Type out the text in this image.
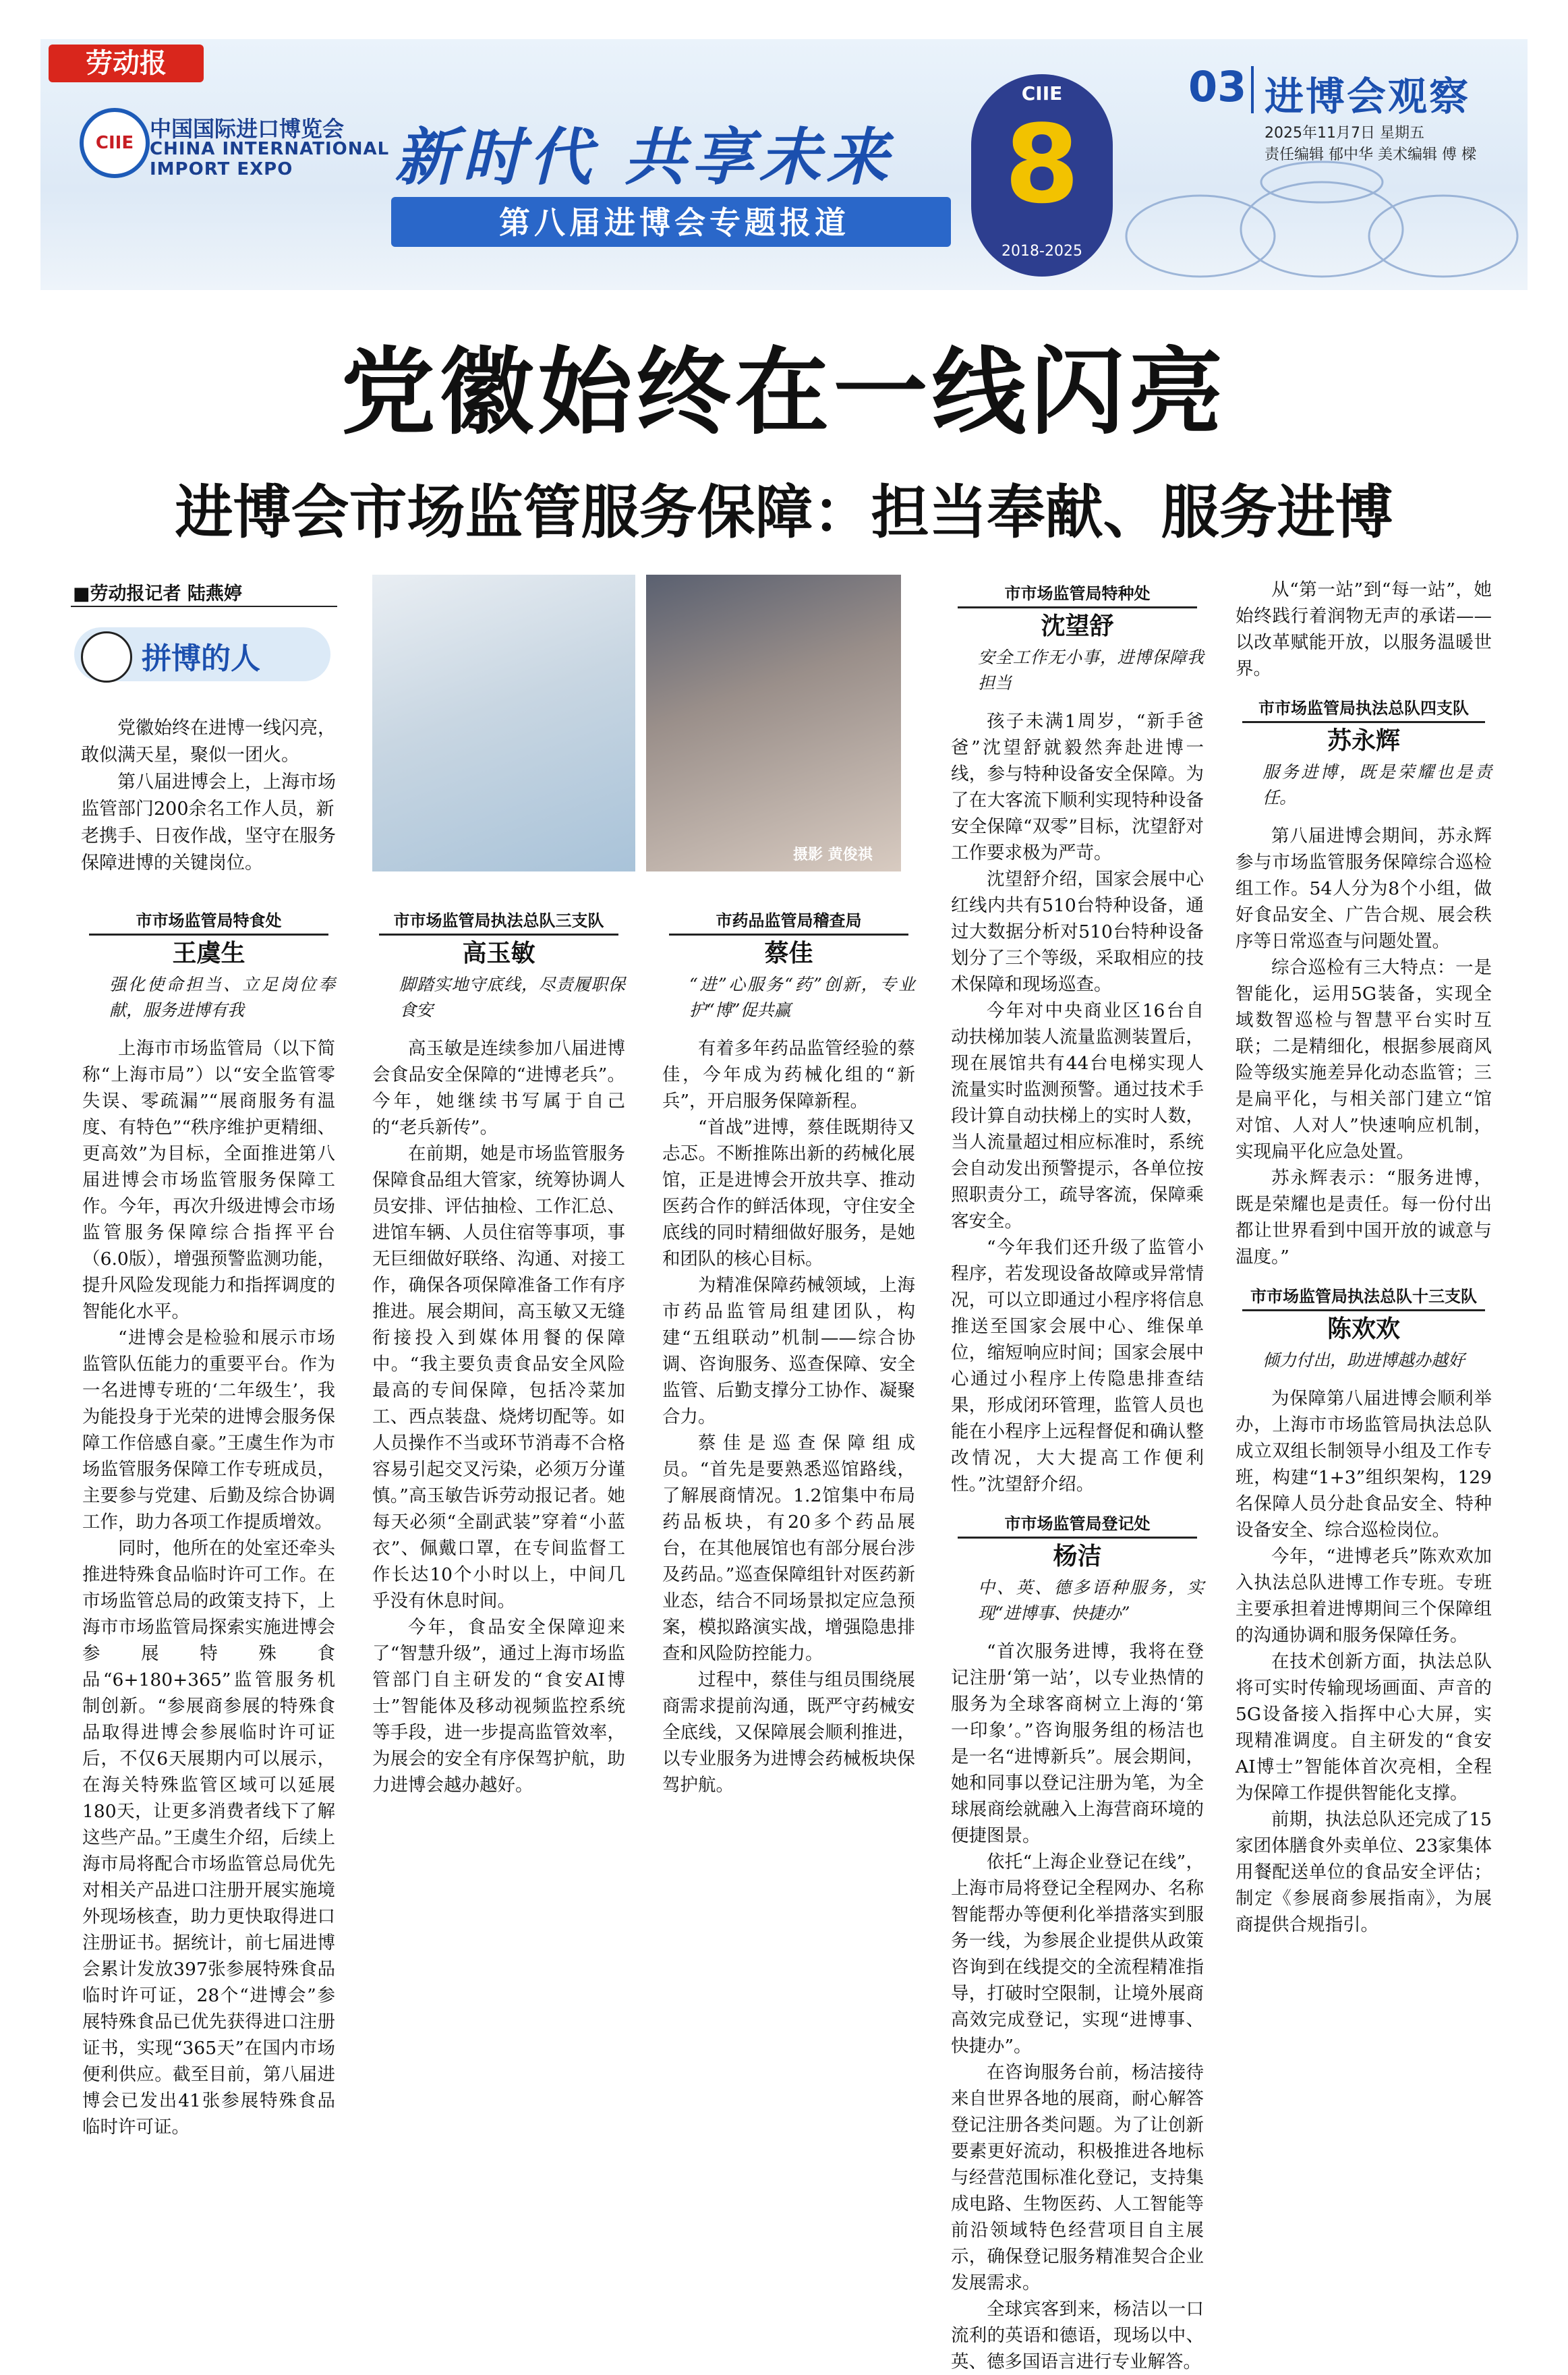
劳动报
CIIE
中国国际进口博览会
CHINA INTERNATIONAL
IMPORT EXPO 新时代 共享未来
第八届进博会专题报道
CIIE
8
2018-2025
03 进博会观察
2025年11月7日 星期五
责任编辑 郁中华 美术编辑 傅 樑
党徽始终在一线闪亮
进博会市场监管服务保障：担当奉献、服务进博
■劳动报记者 陆燕婷
拼博的人

党徽始终在进博一线闪亮，敢似满天星，聚似一团火。

第八届进博会上，上海市场监管部门200余名工作人员，新老携手、日夜作战，坚守在服务保障进博的关键岗位。	摄影 黄俊祺
市市场监管局特食处
王虞生
强化使命担当、立足岗位奉献，服务进博有我

上海市市场监管局（以下简称“上海市局”）以“安全监管零失误、零疏漏”“展商服务有温度、有特色”“秩序维护更精细、更高效”为目标，全面推进第八届进博会市场监管服务保障工作。今年，再次升级进博会市场监管服务保障综合指挥平台（6.0版），增强预警监测功能，提升风险发现能力和指挥调度的智能化水平。

“进博会是检验和展示市场监管队伍能力的重要平台。作为一名进博专班的‘二年级生’，我为能投身于光荣的进博会服务保障工作倍感自豪。”王虞生作为市场监管服务保障工作专班成员，主要参与党建、后勤及综合协调工作，助力各项工作提质增效。

同时，他所在的处室还牵头推进特殊食品临时许可工作。在市场监管总局的政策支持下，上海市市场监管局探索实施进博会参展特殊食品“6+180+365”监管服务机制创新。“参展商参展的特殊食品取得进博会参展临时许可证后，不仅6天展期内可以展示，在海关特殊监管区域可以延展180天，让更多消费者线下了解这些产品。”王虞生介绍，后续上海市局将配合市场监管总局优先对相关产品进口注册开展实施境外现场核查，助力更快取得进口注册证书。据统计，前七届进博会累计发放397张参展特殊食品临时许可证，28个“进博会”参展特殊食品已优先获得进口注册证书，实现“365天”在国内市场便利供应。截至目前，第八届进博会已发出41张参展特殊食品临时许可证。

市市场监管局执法总队三支队
高玉敏
脚踏实地守底线，尽责履职保食安

高玉敏是连续参加八届进博会食品安全保障的“进博老兵”。今年，她继续书写属于自己的“老兵新传”。

在前期，她是市场监管服务保障食品组大管家，统筹协调人员安排、评估抽检、工作汇总、进馆车辆、人员住宿等事项，事无巨细做好联络、沟通、对接工作，确保各项保障准备工作有序推进。展会期间，高玉敏又无缝衔接投入到媒体用餐的保障中。“我主要负责食品安全风险最高的专间保障，包括冷菜加工、西点装盘、烧烤切配等。如人员操作不当或环节消毒不合格容易引起交叉污染，必须万分谨慎。”高玉敏告诉劳动报记者。她每天必须“全副武装”穿着“小蓝衣”、佩戴口罩，在专间监督工作长达10个小时以上，中间几乎没有休息时间。

今年，食品安全保障迎来了“智慧升级”，通过上海市场监管部门自主研发的“食安AI博士”智能体及移动视频监控系统等手段，进一步提高监管效率，为展会的安全有序保驾护航，助力进博会越办越好。

市药品监管局稽查局
蔡佳
“进”心服务“药”创新，专业护“博”促共赢

有着多年药品监管经验的蔡佳，今年成为药械化组的“新兵”，开启服务保障新程。

“首战”进博，蔡佳既期待又忐忑。不断推陈出新的药械化展馆，正是进博会开放共享、推动医药合作的鲜活体现，守住安全底线的同时精细做好服务，是她和团队的核心目标。

为精准保障药械领域，上海市药品监管局组建团队，构建“五组联动”机制——综合协调、咨询服务、巡查保障、安全监管、后勤支撑分工协作、凝聚合力。

蔡佳是巡查保障组成员。“首先是要熟悉巡馆路线，了解展商情况。1.2馆集中布局药品板块，有20多个药品展台，在其他展馆也有部分展台涉及药品。”巡查保障组针对医药新业态，结合不同场景拟定应急预案，模拟路演实战，增强隐患排查和风险防控能力。

过程中，蔡佳与组员围绕展商需求提前沟通，既严守药械安全底线，又保障展会顺利推进，以专业服务为进博会药械板块保驾护航。

市市场监管局特种处
沈望舒
安全工作无小事，进博保障我担当

孩子未满1周岁，“新手爸爸”沈望舒就毅然奔赴进博一线，参与特种设备安全保障。为了在大客流下顺利实现特种设备安全保障“双零”目标，沈望舒对工作要求极为严苛。

沈望舒介绍，国家会展中心红线内共有510台特种设备，通过大数据分析对510台特种设备划分了三个等级，采取相应的技术保障和现场巡查。

今年对中央商业区16台自动扶梯加装人流量监测装置后，现在展馆共有44台电梯实现人流量实时监测预警。通过技术手段计算自动扶梯上的实时人数，当人流量超过相应标准时，系统会自动发出预警提示，各单位按照职责分工，疏导客流，保障乘客安全。

“今年我们还升级了监管小程序，若发现设备故障或异常情况，可以立即通过小程序将信息推送至国家会展中心、维保单位，缩短响应时间；国家会展中心通过小程序上传隐患排查结果，形成闭环管理，监管人员也能在小程序上远程督促和确认整改情况，大大提高工作便利性。”沈望舒介绍。

市市场监管局登记处
杨洁
中、英、德多语种服务，实现“进博事、快捷办”

“首次服务进博，我将在登记注册‘第一站’，以专业热情的服务为全球客商树立上海的‘第一印象’。”咨询服务组的杨洁也是一名“进博新兵”。展会期间，她和同事以登记注册为笔，为全球展商绘就融入上海营商环境的便捷图景。

依托“上海企业登记在线”，上海市局将登记全程网办、名称智能帮办等便利化举措落实到服务一线，为参展企业提供从政策咨询到在线提交的全流程精准指导，打破时空限制，让境外展商高效完成登记，实现“进博事、快捷办”。

在咨询服务台前，杨洁接待来自世界各地的展商，耐心解答登记注册各类问题。为了让创新要素更好流动，积极推进各地标与经营范围标准化登记，支持集成电路、生物医药、人工智能等前沿领域特色经营项目自主展示，确保登记服务精准契合企业发展需求。

全球宾客到来，杨洁以一口流利的英语和德语，现场以中、英、德多国语言进行专业解答。

从“第一站”到“每一站”，她始终践行着润物无声的承诺——以改革赋能开放，以服务温暖世界。

市市场监管局执法总队四支队
苏永辉
服务进博，既是荣耀也是责任。

第八届进博会期间，苏永辉参与市场监管服务保障综合巡检组工作。54人分为8个小组，做好食品安全、广告合规、展会秩序等日常巡查与问题处置。

综合巡检有三大特点：一是智能化，运用5G装备，实现全域数智巡检与智慧平台实时互联；二是精细化，根据参展商风险等级实施差异化动态监管；三是扁平化，与相关部门建立“馆对馆、人对人”快速响应机制，实现扁平化应急处置。

苏永辉表示：“服务进博，既是荣耀也是责任。每一份付出都让世界看到中国开放的诚意与温度。”

市市场监管局执法总队十三支队
陈欢欢
倾力付出，助进博越办越好

为保障第八届进博会顺利举办，上海市市场监管局执法总队成立双组长制领导小组及工作专班，构建“1+3”组织架构，129名保障人员分赴食品安全、特种设备安全、综合巡检岗位。

今年，“进博老兵”陈欢欢加入执法总队进博工作专班。专班主要承担着进博期间三个保障组的沟通协调和服务保障任务。

在技术创新方面，执法总队将可实时传输现场画面、声音的5G设备接入指挥中心大屏，实现精准调度。自主研发的“食安AI博士”智能体首次亮相，全程为保障工作提供智能化支撑。

前期，执法总队还完成了15家团体膳食外卖单位、23家集体用餐配送单位的食品安全评估；制定《参展商参展指南》，为展商提供合规指引。
